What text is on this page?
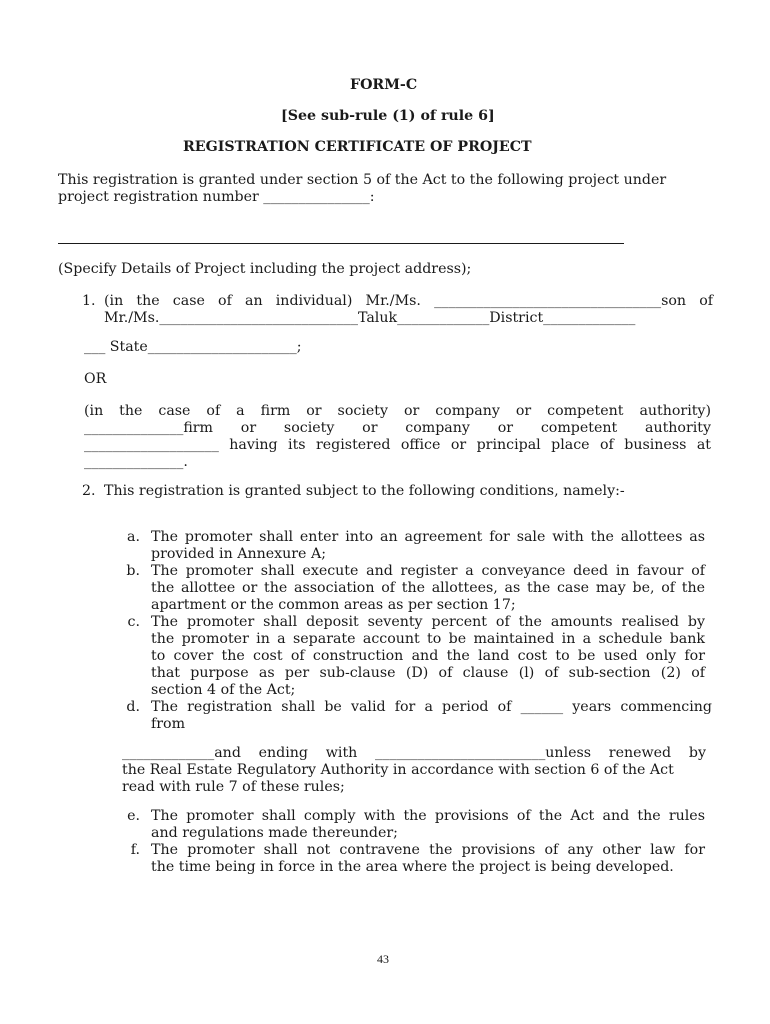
FORM-C
[See sub-rule (1) of rule 6]
REGISTRATION CERTIFICATE OF PROJECT
This registration is granted under section 5 of the Act to the following project under
project registration number _______________:
(Specify Details of Project including the project address);
1. (in the case of an individual) Mr./Ms. ________________________________son of
Mr./Ms.____________________________Taluk_____________District_____________
___ State_____________________;
OR
(in the case of a firm or society or company or competent authority)
______________firm or society or company or competent authority
___________________ having its registered office or principal place of business at
______________.
2. This registration is granted subject to the following conditions, namely:-
a. The promoter shall enter into an agreement for sale with the allottees as
provided in Annexure A;
b. The promoter shall execute and register a conveyance deed in favour of
the allottee or the association of the allottees, as the case may be, of the
apartment or the common areas as per section 17;
c. The promoter shall deposit seventy percent of the amounts realised by
the promoter in a separate account to be maintained in a schedule bank
to cover the cost of construction and the land cost to be used only for
that purpose as per sub-clause (D) of clause (l) of sub-section (2) of
section 4 of the Act;
d. The registration shall be valid for a period of ______ years commencing
from
_____________and ending with ________________________unless renewed by
the Real Estate Regulatory Authority in accordance with section 6 of the Act
read with rule 7 of these rules;
e. The promoter shall comply with the provisions of the Act and the rules
and regulations made thereunder;
f. The promoter shall not contravene the provisions of any other law for
the time being in force in the area where the project is being developed.
43
